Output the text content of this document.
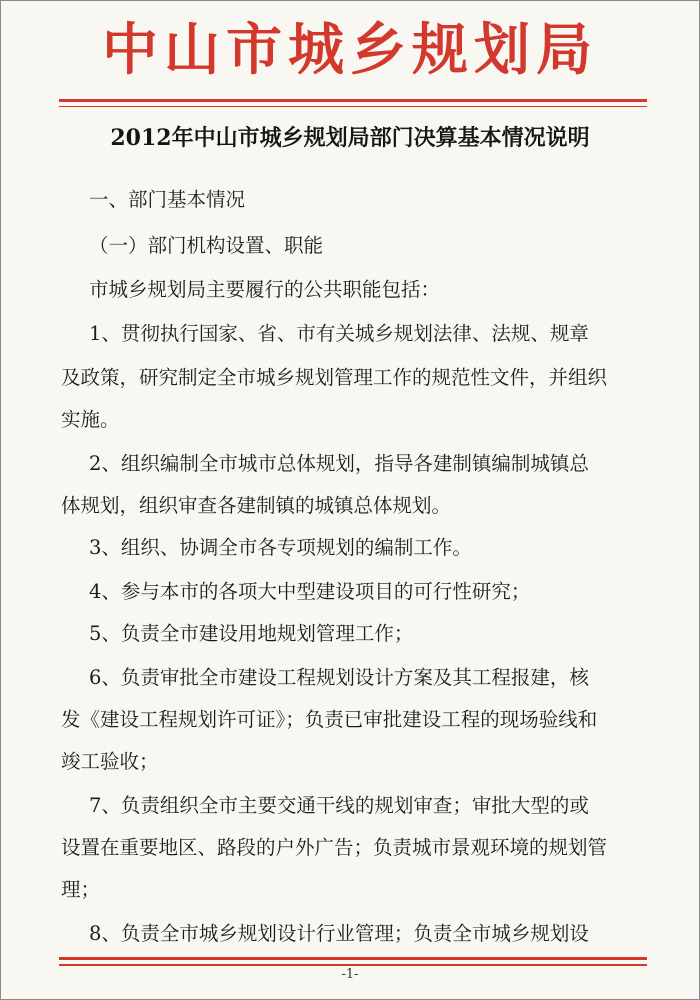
中山市城乡规划局
2012年中山市城乡规划局部门决算基本情况说明
一、部门基本情况
（一）部门机构设置、职能
市城乡规划局主要履行的公共职能包括：
1、贯彻执行国家、省、市有关城乡规划法律、法规、规章
及政策，研究制定全市城乡规划管理工作的规范性文件，并组织
实施。
2、组织编制全市城市总体规划，指导各建制镇编制城镇总
体规划，组织审查各建制镇的城镇总体规划。
3、组织、协调全市各专项规划的编制工作。
4、参与本市的各项大中型建设项目的可行性研究；
5、负责全市建设用地规划管理工作；
6、负责审批全市建设工程规划设计方案及其工程报建，核
发《建设工程规划许可证》；负责已审批建设工程的现场验线和
竣工验收；
7、负责组织全市主要交通干线的规划审查；审批大型的或
设置在重要地区、路段的户外广告；负责城市景观环境的规划管
理；
8、负责全市城乡规划设计行业管理；负责全市城乡规划设
-1-
